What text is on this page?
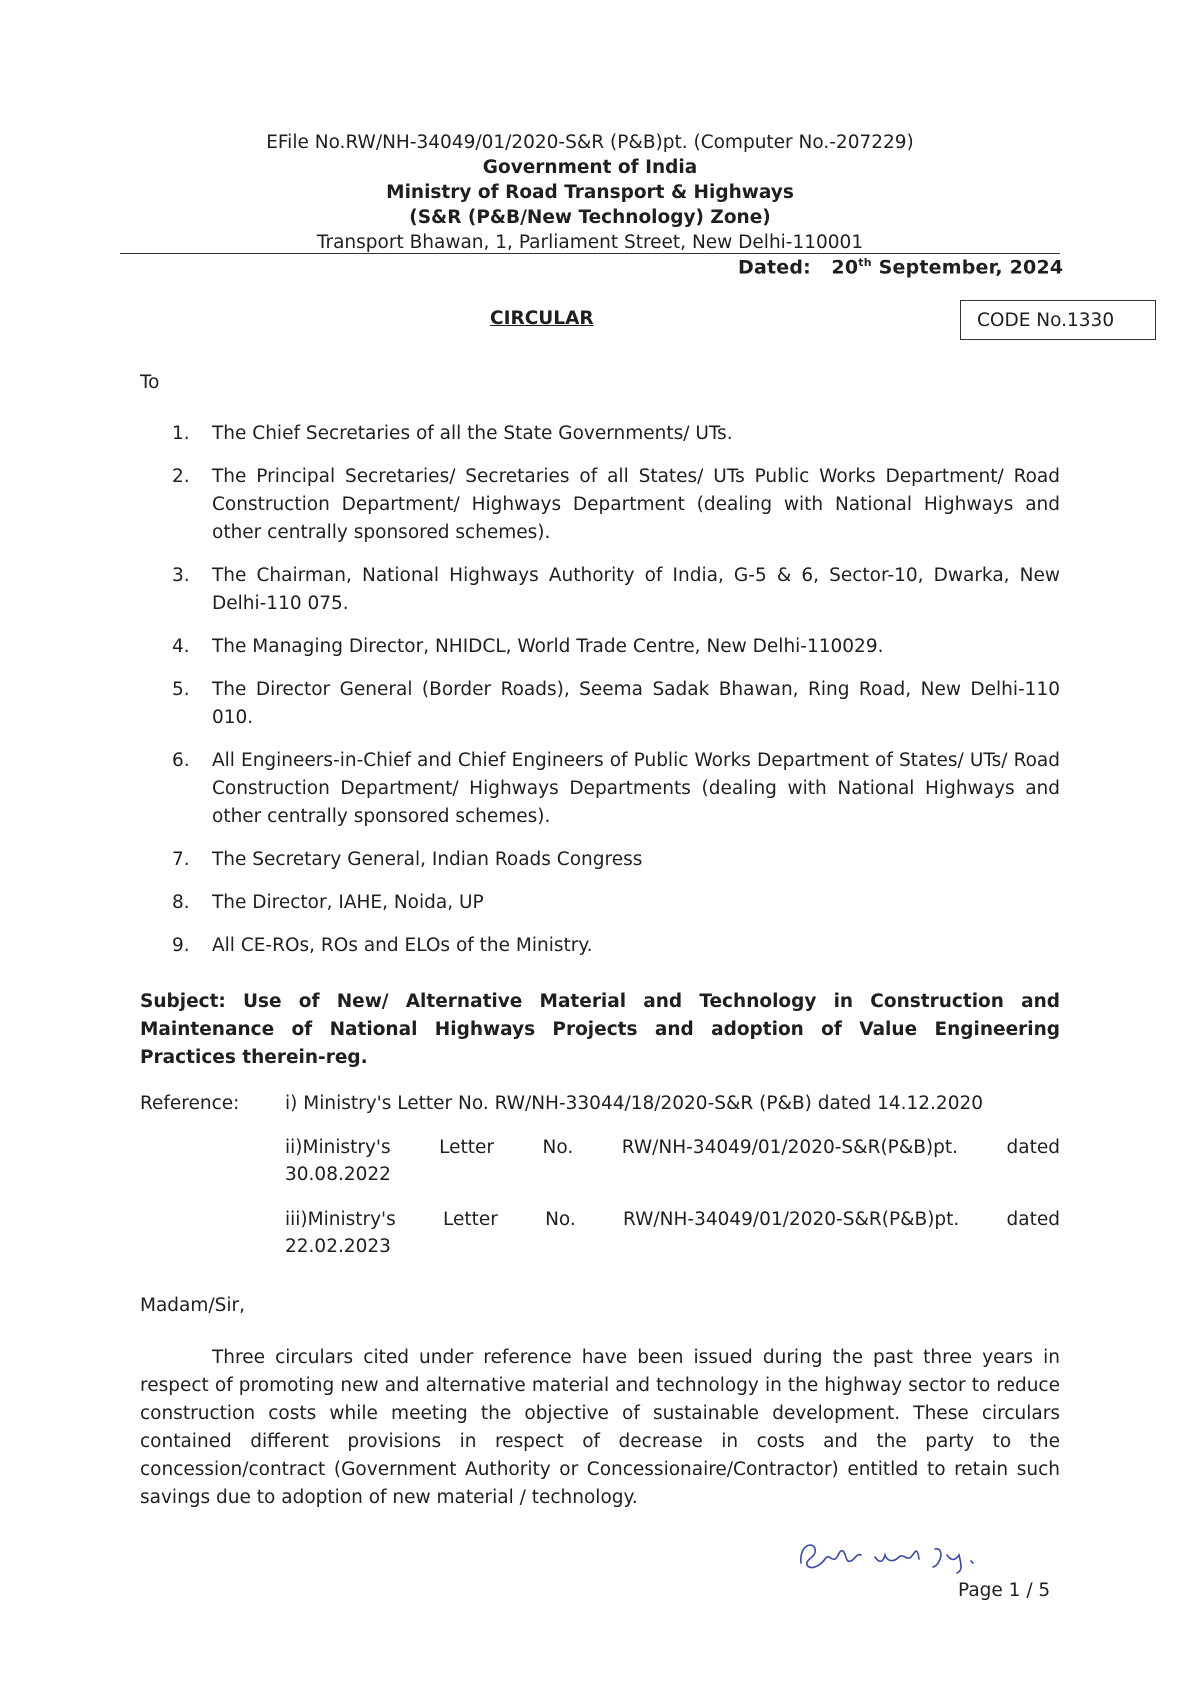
EFile No.RW/NH-34049/01/2020-S&R (P&B)pt. (Computer No.-207229)
Government of India
Ministry of Road Transport & Highways
(S&R (P&B/New Technology) Zone)
Transport Bhawan, 1, Parliament Street, New Delhi-110001
Dated: 20th September, 2024
CIRCULAR	CODE No.1330
To
1. The Chief Secretaries of all the State Governments/ UTs.
2. The Principal Secretaries/ Secretaries of all States/ UTs Public Works Department/ Road Construction Department/ Highways Department (dealing with National Highways and other centrally sponsored schemes).
3. The Chairman, National Highways Authority of India, G-5 & 6, Sector-10, Dwarka, New Delhi-110 075.
4. The Managing Director, NHIDCL, World Trade Centre, New Delhi-110029.
5. The Director General (Border Roads), Seema Sadak Bhawan, Ring Road, New Delhi-110 010.
6. All Engineers-in-Chief and Chief Engineers of Public Works Department of States/ UTs/ Road Construction Department/ Highways Departments (dealing with National Highways and other centrally sponsored schemes).
7. The Secretary General, Indian Roads Congress
8. The Director, IAHE, Noida, UP
9. All CE-ROs, ROs and ELOs of the Ministry.
Subject: Use of New/ Alternative Material and Technology in Construction and Maintenance of National Highways Projects and adoption of Value Engineering Practices therein-reg.
Reference: i) Ministry's Letter No. RW/NH-33044/18/2020-S&R (P&B) dated 14.12.2020
ii)Ministry's Letter No. RW/NH-34049/01/2020-S&R(P&B)pt. dated
30.08.2022
iii)Ministry's Letter No. RW/NH-34049/01/2020-S&R(P&B)pt. dated
22.02.2023
Madam/Sir,
Three circulars cited under reference have been issued during the past three years in respect of promoting new and alternative material and technology in the highway sector to reduce construction costs while meeting the objective of sustainable development. These circulars contained different provisions in respect of decrease in costs and the party to the concession/contract (Government Authority or Concessionaire/Contractor) entitled to retain such savings due to adoption of new material / technology.
Page 1 / 5
